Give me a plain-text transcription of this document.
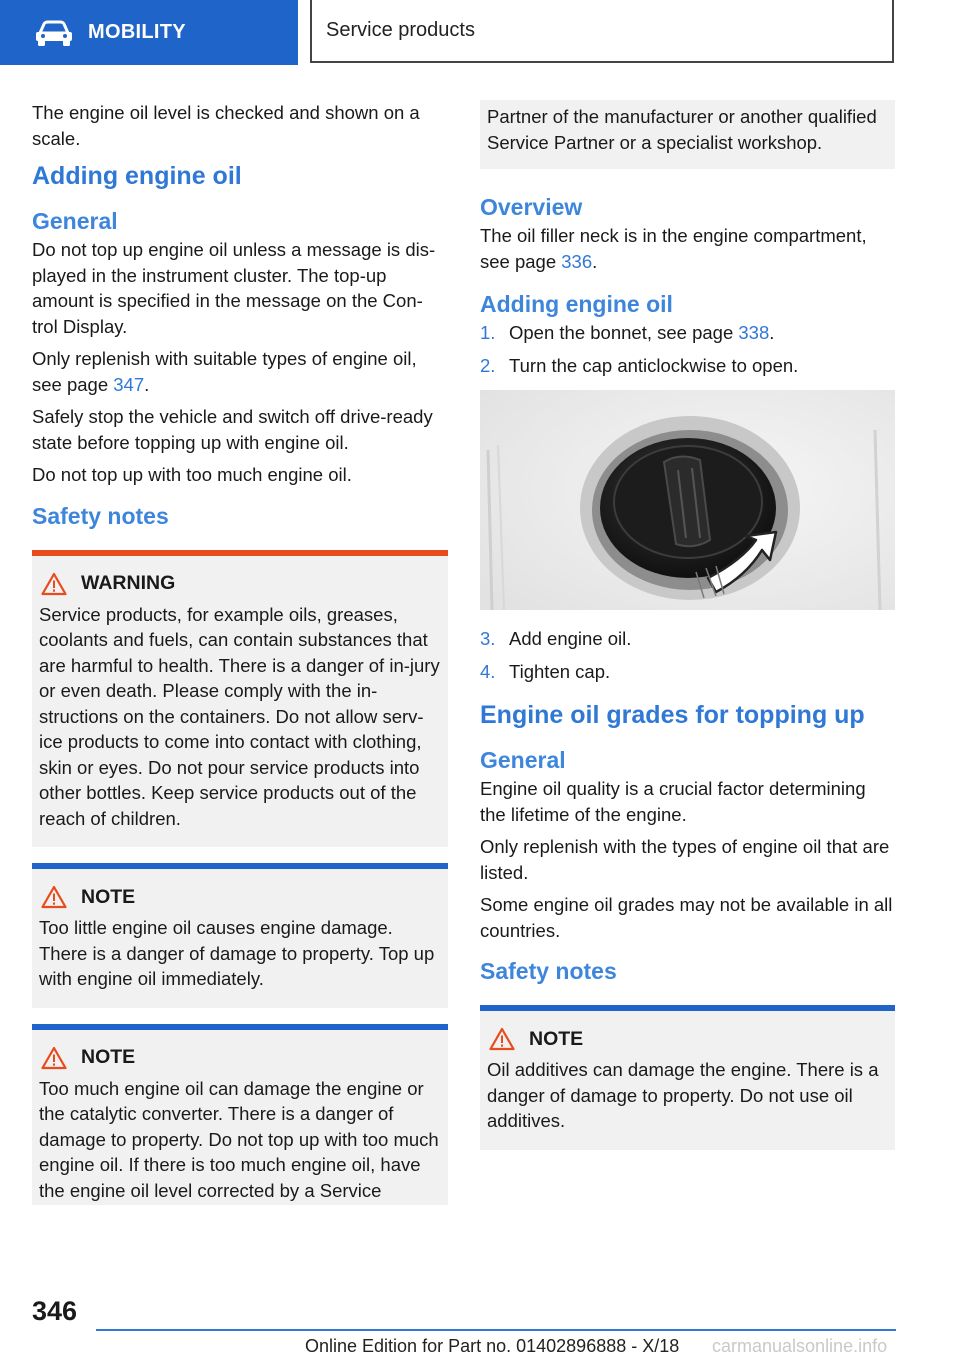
MOBILITY	Service products

The engine oil level is checked and shown on a scale.

Adding engine oil
General

Do not top up engine oil unless a message is dis‐played in the instrument cluster. The top-up amount is specified in the message on the Con‐trol Display.

Only replenish with suitable types of engine oil, see page 347.

Safely stop the vehicle and switch off drive-ready state before topping up with engine oil.

Do not top up with too much engine oil.

Safety notes
WARNING

Service products, for example oils, greases, coolants and fuels, can contain substances that are harmful to health. There is a danger of in‐jury or even death. Please comply with the in‐structions on the containers. Do not allow serv‐ice products to come into contact with clothing, skin or eyes. Do not pour service products into other bottles. Keep service products out of the reach of children.

NOTE

Too little engine oil causes engine damage. There is a danger of damage to property. Top up with engine oil immediately.

NOTE

Too much engine oil can damage the engine or the catalytic converter. There is a danger of damage to property. Do not top up with too much engine oil. If there is too much engine oil, have the engine oil level corrected by a Service

Partner of the manufacturer or another qualified Service Partner or a specialist workshop.

Overview

The oil filler neck is in the engine compartment, see page 336.

Adding engine oil
1. Open the bonnet, see page 338.
2. Turn the cap anticlockwise to open.
3. Add engine oil.
4. Tighten cap.
Engine oil grades for topping up
General

Engine oil quality is a crucial factor determining the lifetime of the engine.

Only replenish with the types of engine oil that are listed.

Some engine oil grades may not be available in all countries.

Safety notes
NOTE

Oil additives can damage the engine. There is a danger of damage to property. Do not use oil additives.

346
Online Edition for Part no. 01402896888 - X/18 carmanualsonline.info
